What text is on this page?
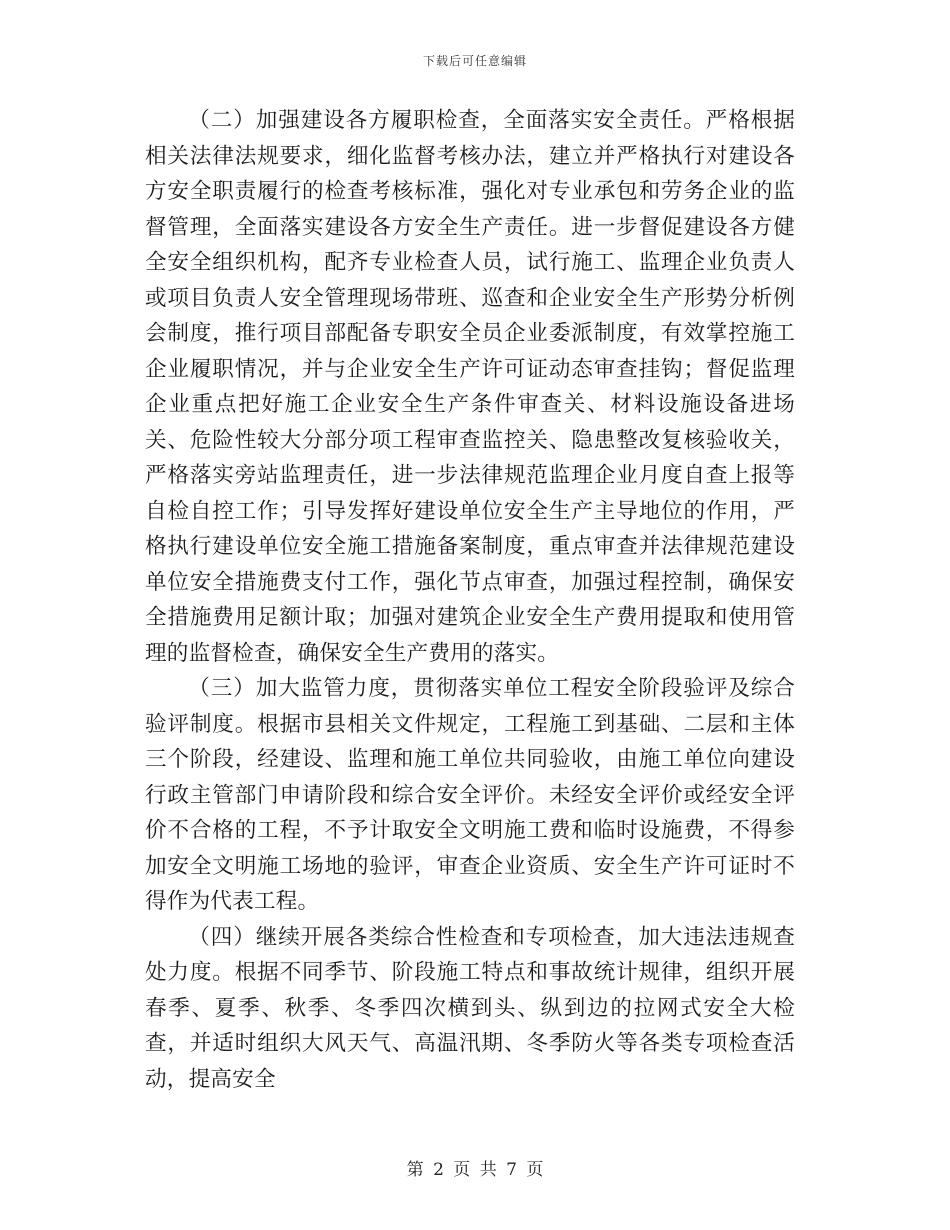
下载后可任意编辑

（二）加强建设各方履职检查，全面落实安全责任。严格根据相关法律法规要求，细化监督考核办法，建立并严格执行对建设各方安全职责履行的检查考核标准，强化对专业承包和劳务企业的监督管理，全面落实建设各方安全生产责任。进一步督促建设各方健全安全组织机构，配齐专业检查人员，试行施工、监理企业负责人或项目负责人安全管理现场带班、巡查和企业安全生产形势分析例会制度，推行项目部配备专职安全员企业委派制度，有效掌控施工企业履职情况，并与企业安全生产许可证动态审查挂钩；督促监理企业重点把好施工企业安全生产条件审查关、材料设施设备进场关、危险性较大分部分项工程审查监控关、隐患整改复核验收关，严格落实旁站监理责任，进一步法律规范监理企业月度自查上报等自检自控工作；引导发挥好建设单位安全生产主导地位的作用，严格执行建设单位安全施工措施备案制度，重点审查并法律规范建设单位安全措施费支付工作，强化节点审查，加强过程控制，确保安全措施费用足额计取；加强对建筑企业安全生产费用提取和使用管理的监督检查，确保安全生产费用的落实。

（三）加大监管力度，贯彻落实单位工程安全阶段验评及综合验评制度。根据市县相关文件规定，工程施工到基础、二层和主体三个阶段，经建设、监理和施工单位共同验收，由施工单位向建设行政主管部门申请阶段和综合安全评价。未经安全评价或经安全评价不合格的工程，不予计取安全文明施工费和临时设施费，不得参加安全文明施工场地的验评，审查企业资质、安全生产许可证时不得作为代表工程。

（四）继续开展各类综合性检查和专项检查，加大违法违规查处力度。根据不同季节、阶段施工特点和事故统计规律，组织开展春季、夏季、秋季、冬季四次横到头、纵到边的拉网式安全大检查，并适时组织大风天气、高温汛期、冬季防火等各类专项检查活动，提高安全

第 2 页 共 7 页
